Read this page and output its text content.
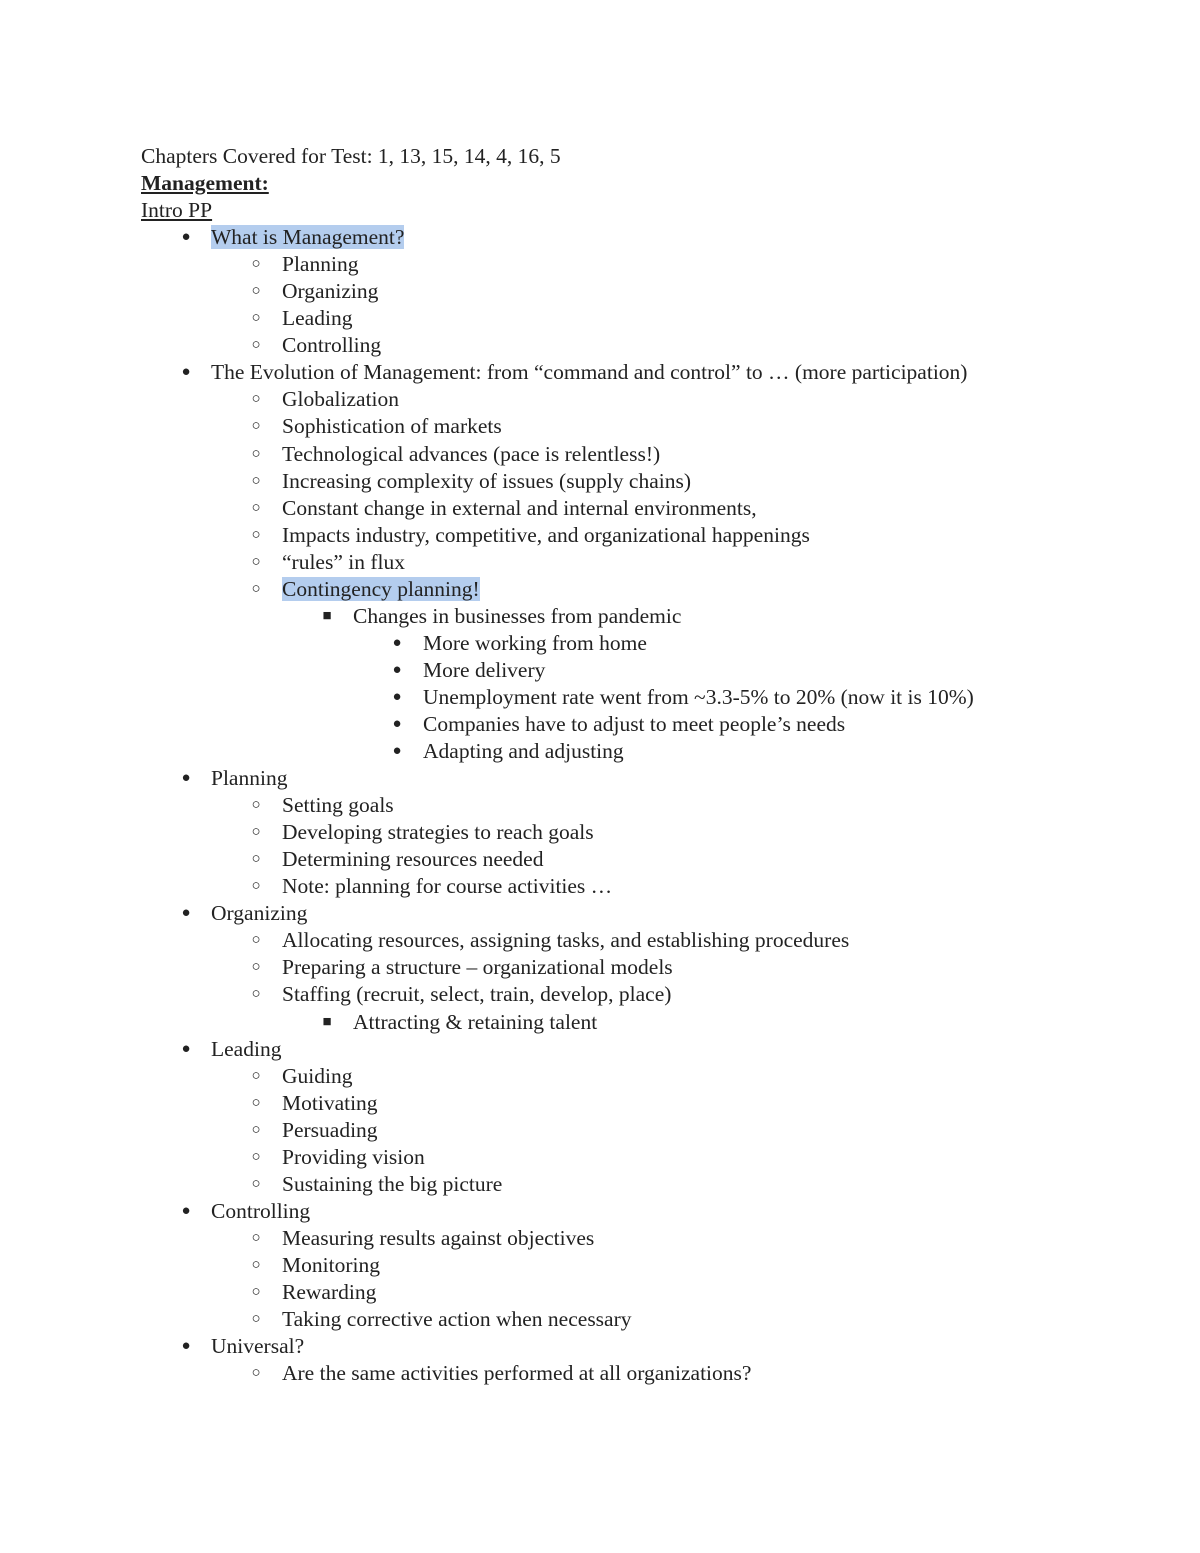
Chapters Covered for Test: 1, 13, 15, 14, 4, 16, 5
Management:
Intro PP
● What is Management?
○ Planning
○ Organizing
○ Leading
○ Controlling
● The Evolution of Management: from “command and control” to … (more participation)
○ Globalization
○ Sophistication of markets
○ Technological advances (pace is relentless!)
○ Increasing complexity of issues (supply chains)
○ Constant change in external and internal environments,
○ Impacts industry, competitive, and organizational happenings
○ “rules” in flux
○ Contingency planning!
■ Changes in businesses from pandemic
● More working from home
● More delivery
● Unemployment rate went from ~3.3-5% to 20% (now it is 10%)
● Companies have to adjust to meet people’s needs
● Adapting and adjusting
● Planning
○ Setting goals
○ Developing strategies to reach goals
○ Determining resources needed
○ Note: planning for course activities …
● Organizing
○ Allocating resources, assigning tasks, and establishing procedures
○ Preparing a structure – organizational models
○ Staffing (recruit, select, train, develop, place)
■ Attracting & retaining talent
● Leading
○ Guiding
○ Motivating
○ Persuading
○ Providing vision
○ Sustaining the big picture
● Controlling
○ Measuring results against objectives
○ Monitoring
○ Rewarding
○ Taking corrective action when necessary
● Universal?
○ Are the same activities performed at all organizations?
